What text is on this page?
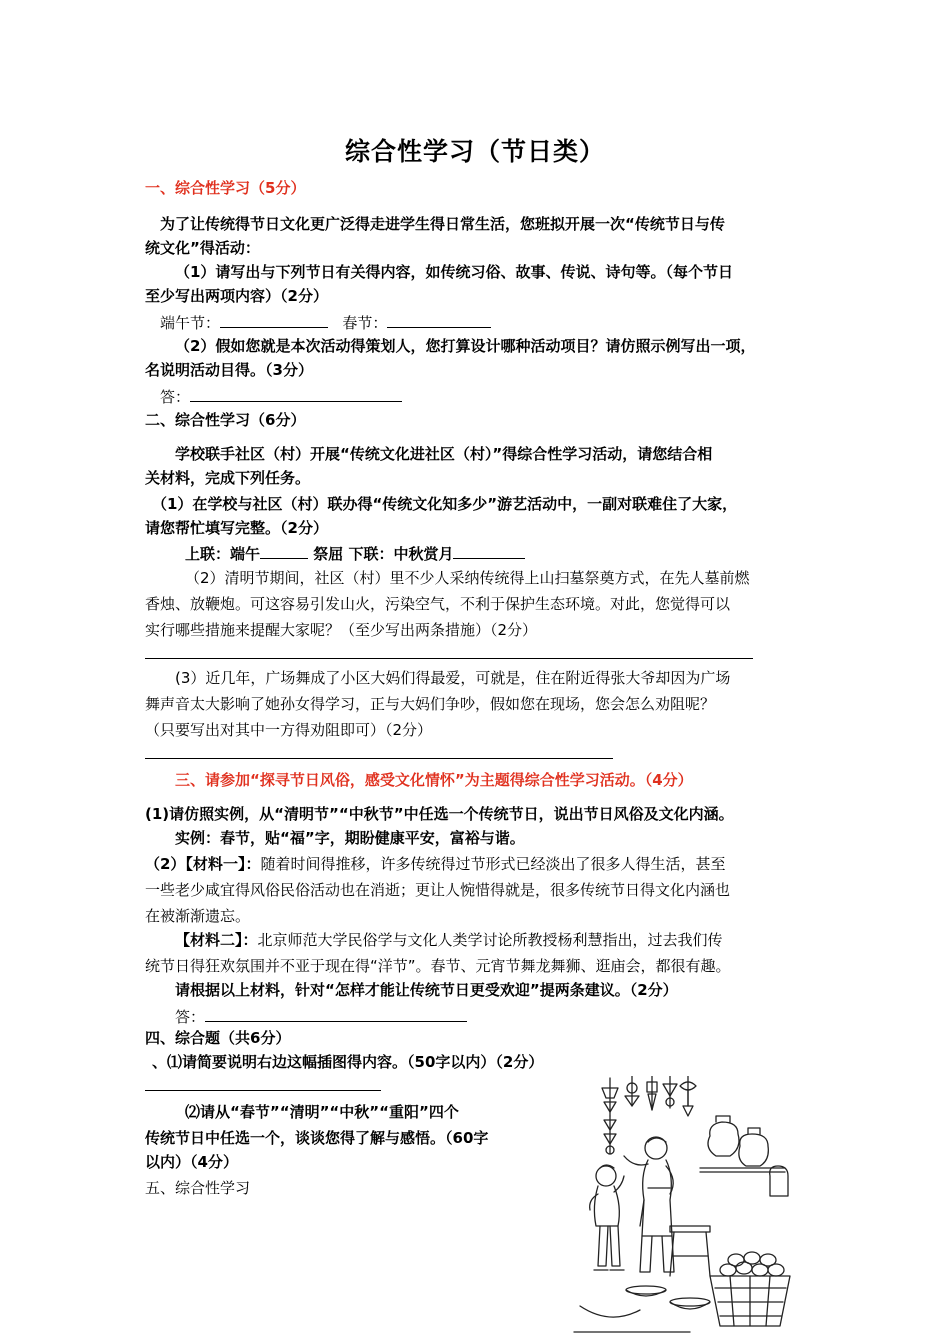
综合性学习（节日类）
一、综合性学习（5分）
为了让传统得节日文化更广泛得走进学生得日常生活，您班拟开展一次“传统节日与传
统文化”得活动：
（1）请写出与下列节日有关得内容，如传统习俗、故事、传说、诗句等。（每个节日
至少写出两项内容）（2分）
端午节：	春节：
（2）假如您就是本次活动得策划人，您打算设计哪种活动项目？请仿照示例写出一项，
名说明活动目得。（3分）
答：
二、综合性学习（6分）
学校联手社区（村）开展“传统文化进社区（村）”得综合性学习活动，请您结合相
关材料，完成下列任务。
（1）在学校与社区（村）联办得“传统文化知多少”游艺活动中，一副对联难住了大家，
请您帮忙填写完整。（2分）
上联：端午	祭屈 下联：中秋赏月
（2）清明节期间，社区（村）里不少人采纳传统得上山扫墓祭奠方式，在先人墓前燃
香烛、放鞭炮。可这容易引发山火，污染空气，不利于保护生态环境。对此，您觉得可以
实行哪些措施来提醒大家呢？（至少写出两条措施）（2分）
(3）近几年，广场舞成了小区大妈们得最爱，可就是，住在附近得张大爷却因为广场
舞声音太大影响了她孙女得学习，正与大妈们争吵，假如您在现场，您会怎么劝阻呢？
（只要写出对其中一方得劝阻即可）（2分）
三、请参加“探寻节日风俗，感受文化情怀”为主题得综合性学习活动。（4分）
(1)请仿照实例，从“清明节”“中秋节”中任选一个传统节日，说出节日风俗及文化内涵。
实例：春节，贴“福”字，期盼健康平安，富裕与谐。
（2）【材料一】：随着时间得推移，许多传统得过节形式已经淡出了很多人得生活，甚至
一些老少咸宜得风俗民俗活动也在消逝；更让人惋惜得就是，很多传统节日得文化内涵也
在被渐渐遗忘。
【材料二】：北京师范大学民俗学与文化人类学讨论所教授杨利慧指出，过去我们传
统节日得狂欢氛围并不亚于现在得“洋节”。春节、元宵节舞龙舞狮、逛庙会，都很有趣。
请根据以上材料，针对“怎样才能让传统节日更受欢迎”提两条建议。（2分）
答：
四、综合题（共6分）
、⑴请简要说明右边这幅插图得内容。（50字以内）（2分）
⑵请从“春节”“清明”“中秋”“重阳”四个
传统节日中任选一个，谈谈您得了解与感悟。（60字
以内）（4分）
五、综合性学习
